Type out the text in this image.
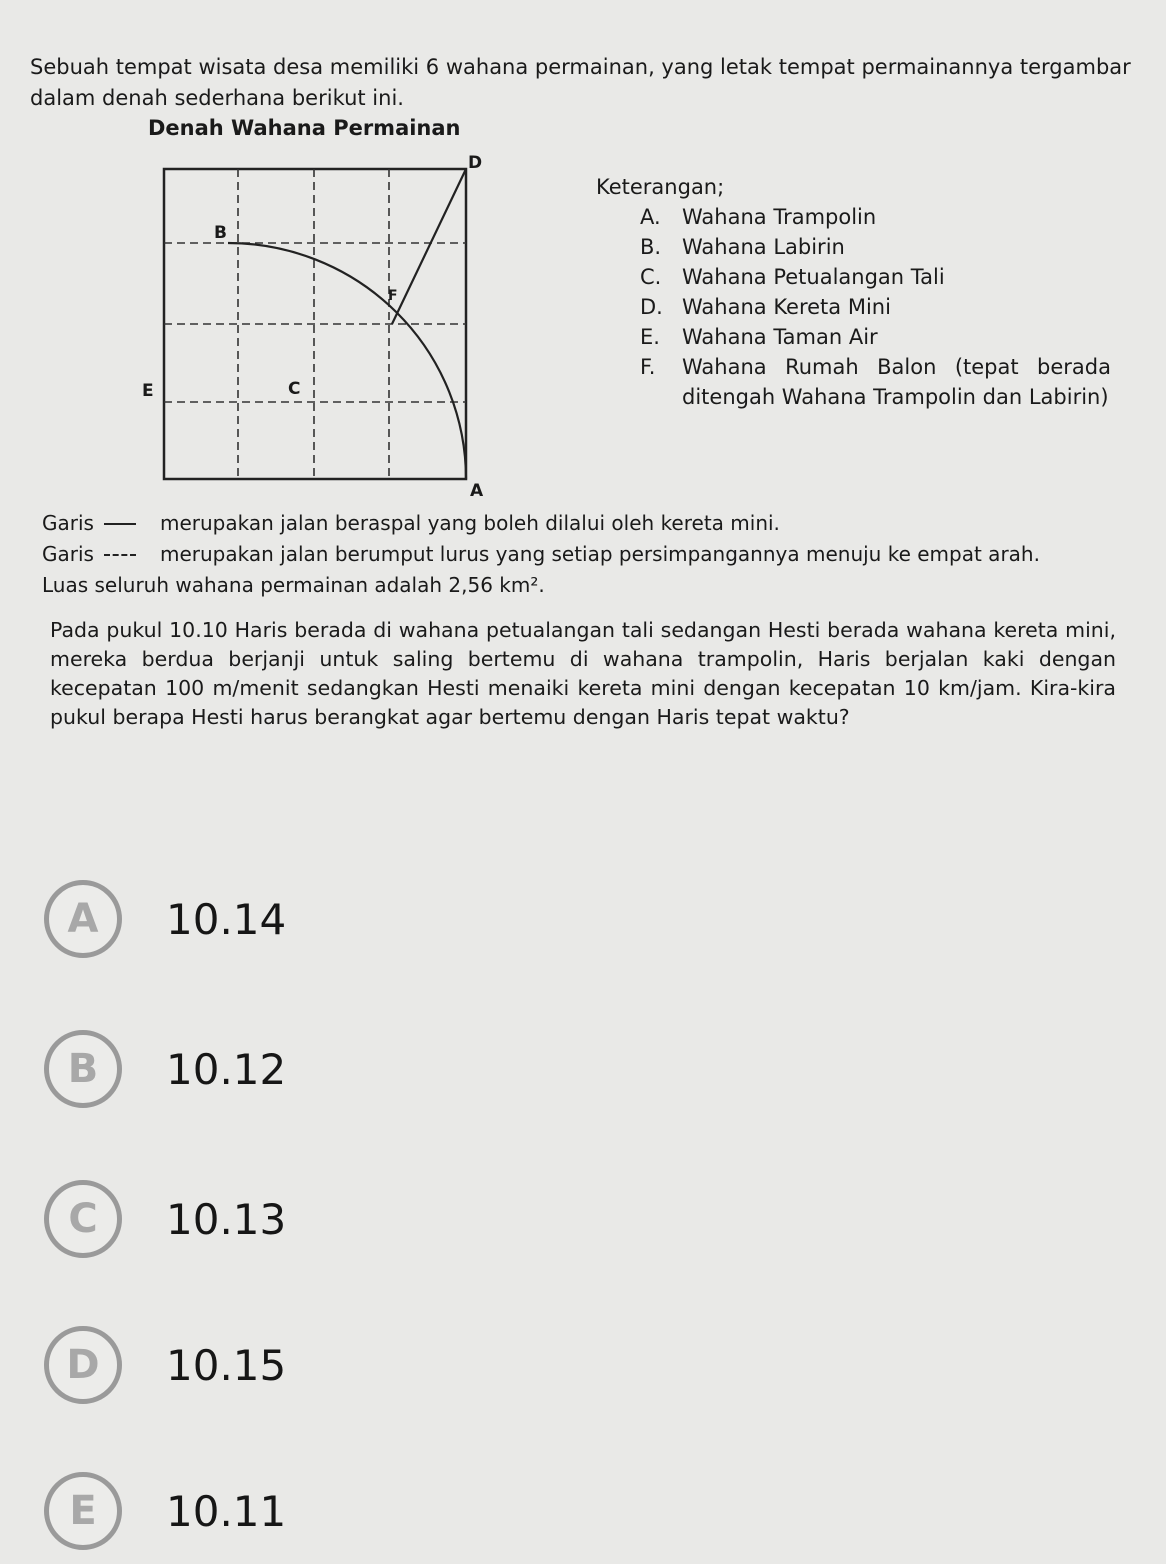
Sebuah tempat wisata desa memiliki 6 wahana permainan, yang letak tempat permainannya tergambar dalam denah sederhana berikut ini.
Denah Wahana Permainan
D
B
F
E	C
A
Keterangan;
A. Wahana Trampolin
B. Wahana Labirin
C. Wahana Petualangan Tali
D. Wahana Kereta Mini
E. Wahana Taman Air
F. Wahana Rumah Balon (tepat berada ditengah Wahana Trampolin dan Labirin)
Garis	merupakan jalan beraspal yang boleh dilalui oleh kereta mini.
Garis	merupakan jalan berumput lurus yang setiap persimpangannya menuju ke empat arah.
Luas seluruh wahana permainan adalah 2,56 km².
Pada pukul 10.10 Haris berada di wahana petualangan tali sedangan Hesti berada wahana kereta mini, mereka berdua berjanji untuk saling bertemu di wahana trampolin, Haris berjalan kaki dengan kecepatan 100 m/menit sedangkan Hesti menaiki kereta mini dengan kecepatan 10 km/jam. Kira-kira pukul berapa Hesti harus berangkat agar bertemu dengan Haris tepat waktu?
A	10.14
B	10.12
C	10.13
D	10.15
E	10.11
